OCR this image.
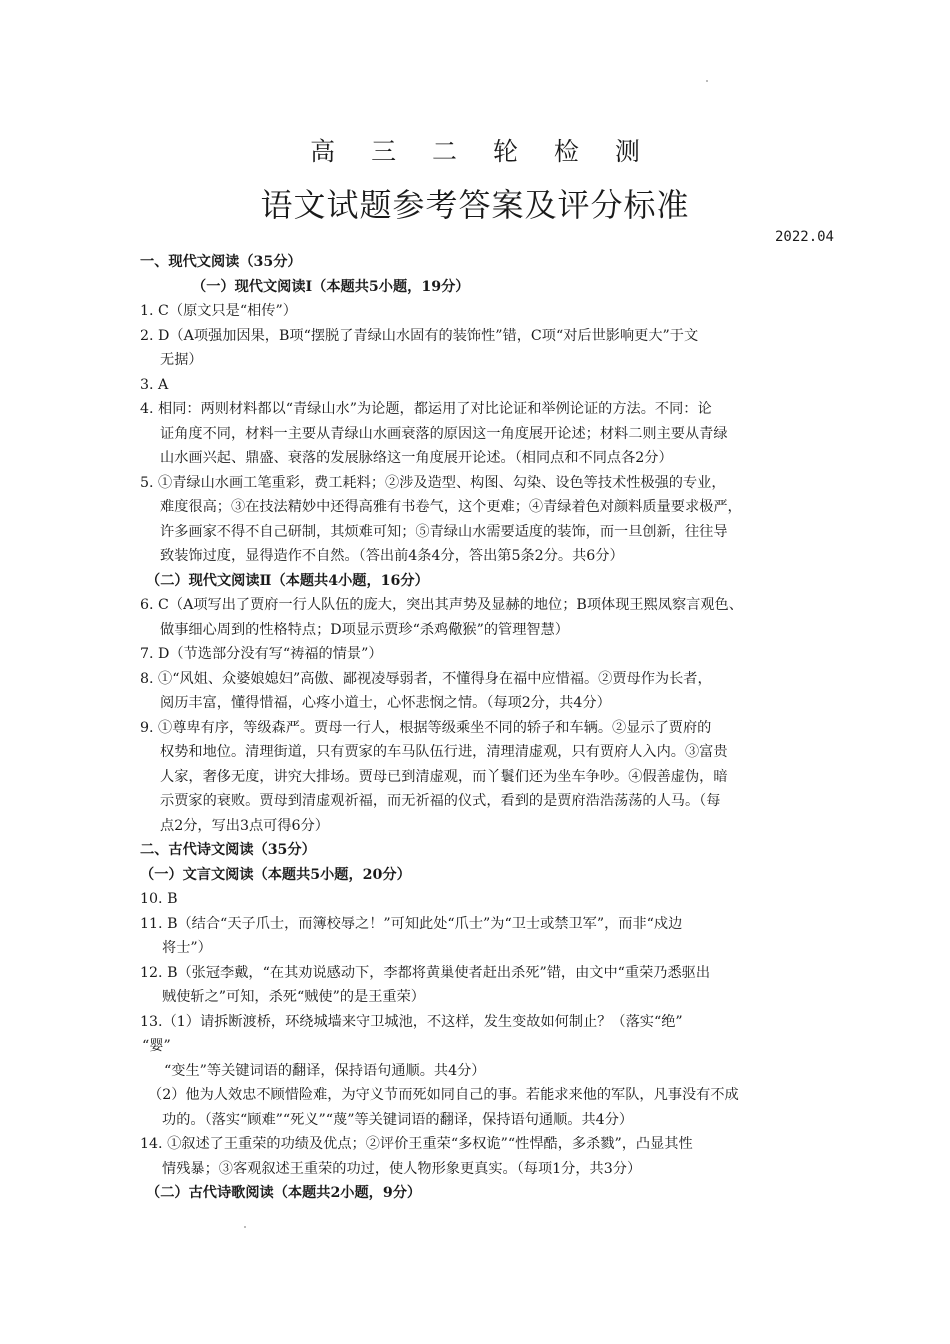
高 三 二 轮 检 测
语文试题参考答案及评分标准
2022.04
一、现代文阅读（35分）
（一）现代文阅读Ⅰ（本题共5小题，19分）
1. C（原文只是“相传”）
2. D（A项强加因果，B项“摆脱了青绿山水固有的装饰性”错，C项“对后世影响更大”于文
无据）
3. A
4. 相同：两则材料都以“青绿山水”为论题，都运用了对比论证和举例论证的方法。不同：论
证角度不同，材料一主要从青绿山水画衰落的原因这一角度展开论述；材料二则主要从青绿
山水画兴起、鼎盛、衰落的发展脉络这一角度展开论述。（相同点和不同点各2分）
5. ①青绿山水画工笔重彩，费工耗料；②涉及造型、构图、勾染、设色等技术性极强的专业，
难度很高；③在技法精妙中还得高雅有书卷气，这个更难；④青绿着色对颜料质量要求极严，
许多画家不得不自己研制，其烦难可知；⑤青绿山水需要适度的装饰，而一旦创新，往往导
致装饰过度，显得造作不自然。（答出前4条4分，答出第5条2分。共6分）
（二）现代文阅读Ⅱ（本题共4小题，16分）
6. C（A项写出了贾府一行人队伍的庞大，突出其声势及显赫的地位；B项体现王熙凤察言观色、
做事细心周到的性格特点；D项显示贾珍“杀鸡儆猴”的管理智慧）
7. D（节选部分没有写“祷福的情景”）
8. ①“风姐、众婆娘媳妇”高傲、鄙视凌辱弱者，不懂得身在福中应惜福。②贾母作为长者，
阅历丰富，懂得惜福，心疼小道士，心怀悲悯之情。（每项2分，共4分）
9. ①尊卑有序，等级森严。贾母一行人，根据等级乘坐不同的轿子和车辆。②显示了贾府的
权势和地位。清理街道，只有贾家的车马队伍行进，清理清虚观，只有贾府人入内。③富贵
人家，奢侈无度，讲究大排场。贾母已到清虚观，而丫鬟们还为坐车争吵。④假善虚伪，暗
示贾家的衰败。贾母到清虚观祈福，而无祈福的仪式，看到的是贾府浩浩荡荡的人马。（每
点2分，写出3点可得6分）
二、古代诗文阅读（35分）
（一）文言文阅读（本题共5小题，20分）
10. B
11. B（结合“天子爪士，而簿校辱之！”可知此处“爪士”为“卫士或禁卫军”，而非“戍边
将士”）
12. B（张冠李戴，“在其劝说感动下，李都将黄巢使者赶出杀死”错，由文中“重荣乃悉驱出
贼使斩之”可知，杀死“贼使”的是王重荣）
13.（1）请拆断渡桥，环绕城墙来守卫城池，不这样，发生变故如何制止？（落实“绝”
“婴”
“变生”等关键词语的翻译，保持语句通顺。共4分）
（2）他为人效忠不顾惜险难，为守义节而死如同自己的事。若能求来他的军队，凡事没有不成
功的。（落实“顾难”“死义”“蔑”等关键词语的翻译，保持语句通顺。共4分）
14. ①叙述了王重荣的功绩及优点；②评价王重荣“多权诡”“性悍酷，多杀戮”，凸显其性
情残暴；③客观叙述王重荣的功过，使人物形象更真实。（每项1分，共3分）
（二）古代诗歌阅读（本题共2小题，9分）
